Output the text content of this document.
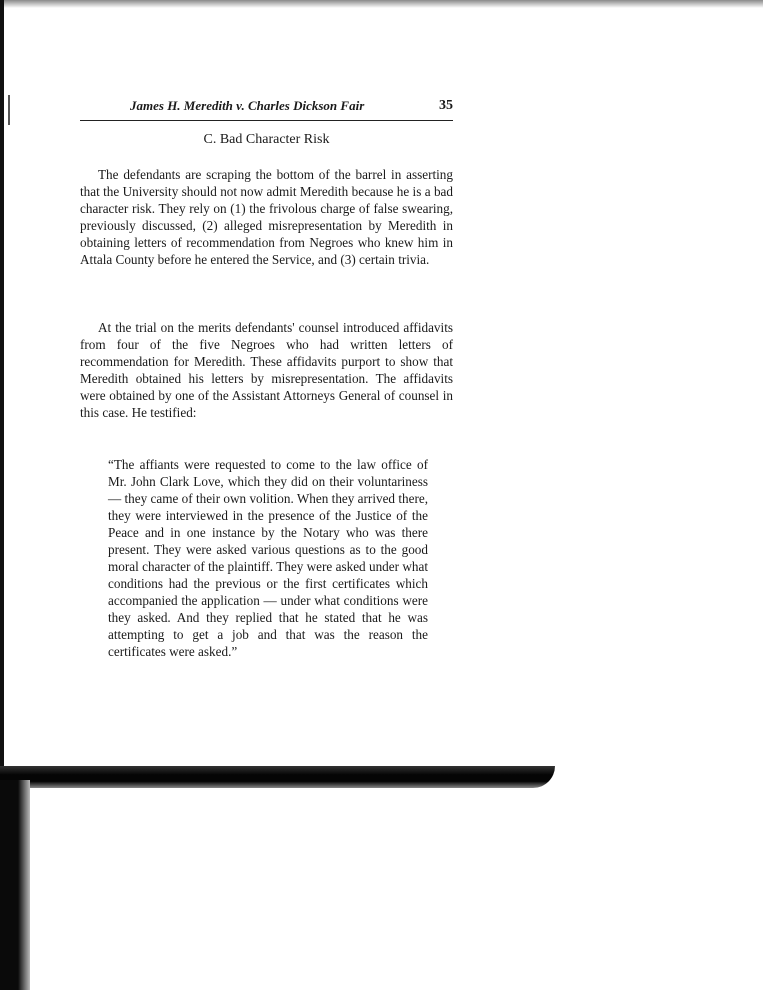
James H. Meredith v. Charles Dickson Fair	35
C. Bad Character Risk

The defendants are scraping the bottom of the barrel in asserting that the University should not now admit Meredith because he is a bad character risk. They rely on (1) the frivolous charge of false swearing, previously discussed, (2) alleged misrepresentation by Meredith in obtaining letters of recommendation from Negroes who knew him in Attala County before he entered the Service, and (3) certain trivia.

At the trial on the merits defendants' counsel introduced affidavits from four of the five Negroes who had written letters of recommendation for Meredith. These affidavits purport to show that Meredith obtained his letters by misrepresentation. The affidavits were obtained by one of the Assistant Attorneys General of counsel in this case. He testified:

“The affiants were requested to come to the law office of Mr. John Clark Love, which they did on their voluntariness — they came of their own volition. When they arrived there, they were interviewed in the presence of the Justice of the Peace and in one instance by the Notary who was there present. They were asked various questions as to the good moral character of the plaintiff. They were asked under what conditions had the previous or the first certificates which accompanied the application — under what conditions were they asked. And they replied that he stated that he was attempting to get a job and that was the reason the certificates were asked.”
